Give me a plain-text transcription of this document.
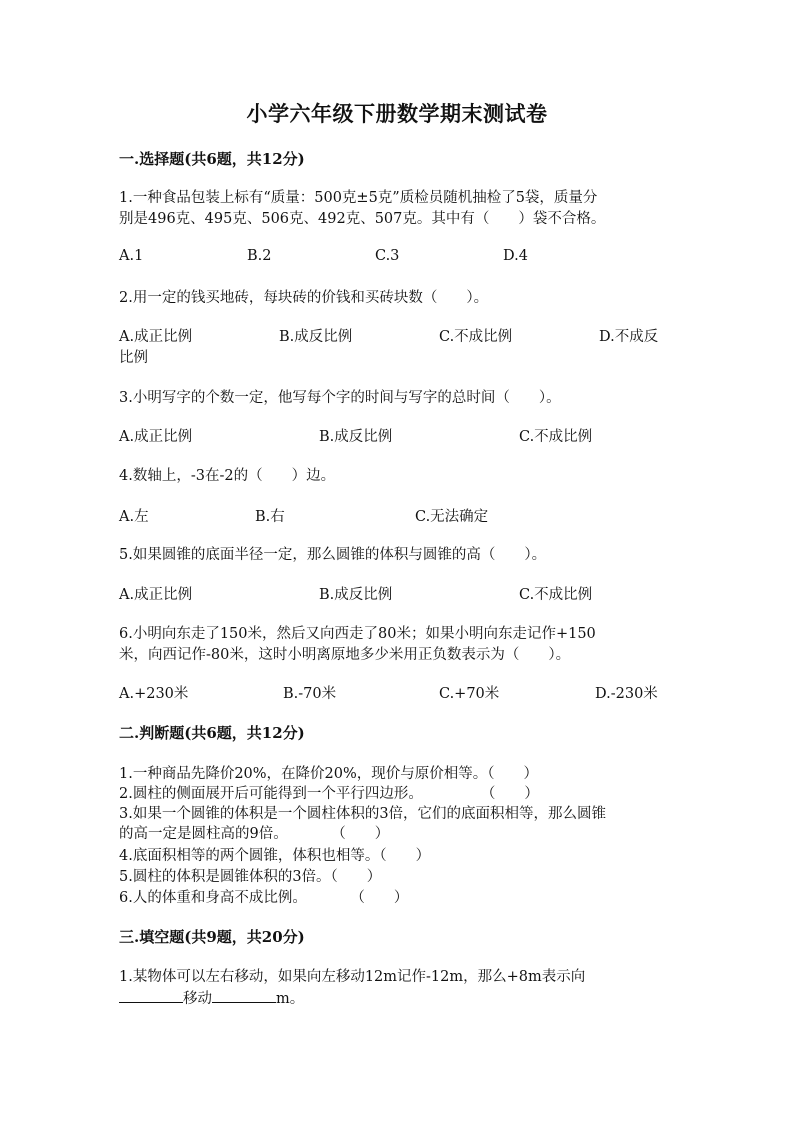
小学六年级下册数学期末测试卷
一.选择题(共6题，共12分)
1.一种食品包装上标有“质量：500克±5克”质检员随机抽检了5袋，质量分
别是496克、495克、506克、492克、507克。其中有（　　）袋不合格。
A.1	B.2	C.3	D.4
2.用一定的钱买地砖，每块砖的价钱和买砖块数（　　）。
A.成正比例	B.成反比例	C.不成比例	D.不成反
比例
3.小明写字的个数一定，他写每个字的时间与写字的总时间（　　）。
A.成正比例	B.成反比例	C.不成比例
4.数轴上，-3在-2的（　　）边。
A.左	B.右	C.无法确定
5.如果圆锥的底面半径一定，那么圆锥的体积与圆锥的高（　　）。
A.成正比例	B.成反比例	C.不成比例
6.小明向东走了150米，然后又向西走了80米；如果小明向东走记作+150
米，向西记作-80米，这时小明离原地多少米用正负数表示为（　　）。
A.+230米	B.-70米	C.+70米	D.-230米
二.判断题(共6题，共12分)
1.一种商品先降价20%，在降价20%，现价与原价相等。（　　）
2.圆柱的侧面展开后可能得到一个平行四边形。　　　　　（　　）
3.如果一个圆锥的体积是一个圆柱体积的3倍，它们的底面积相等，那么圆锥
的高一定是圆柱高的9倍。　　　　（　　）
4.底面积相等的两个圆锥，体积也相等。（　　）
5.圆柱的体积是圆锥体积的3倍。（　　）
6.人的体重和身高不成比例。　　　　（　　）
三.填空题(共9题，共20分)
1.某物体可以左右移动，如果向左移动12m记作-12m，那么+8m表示向
移动	m。
